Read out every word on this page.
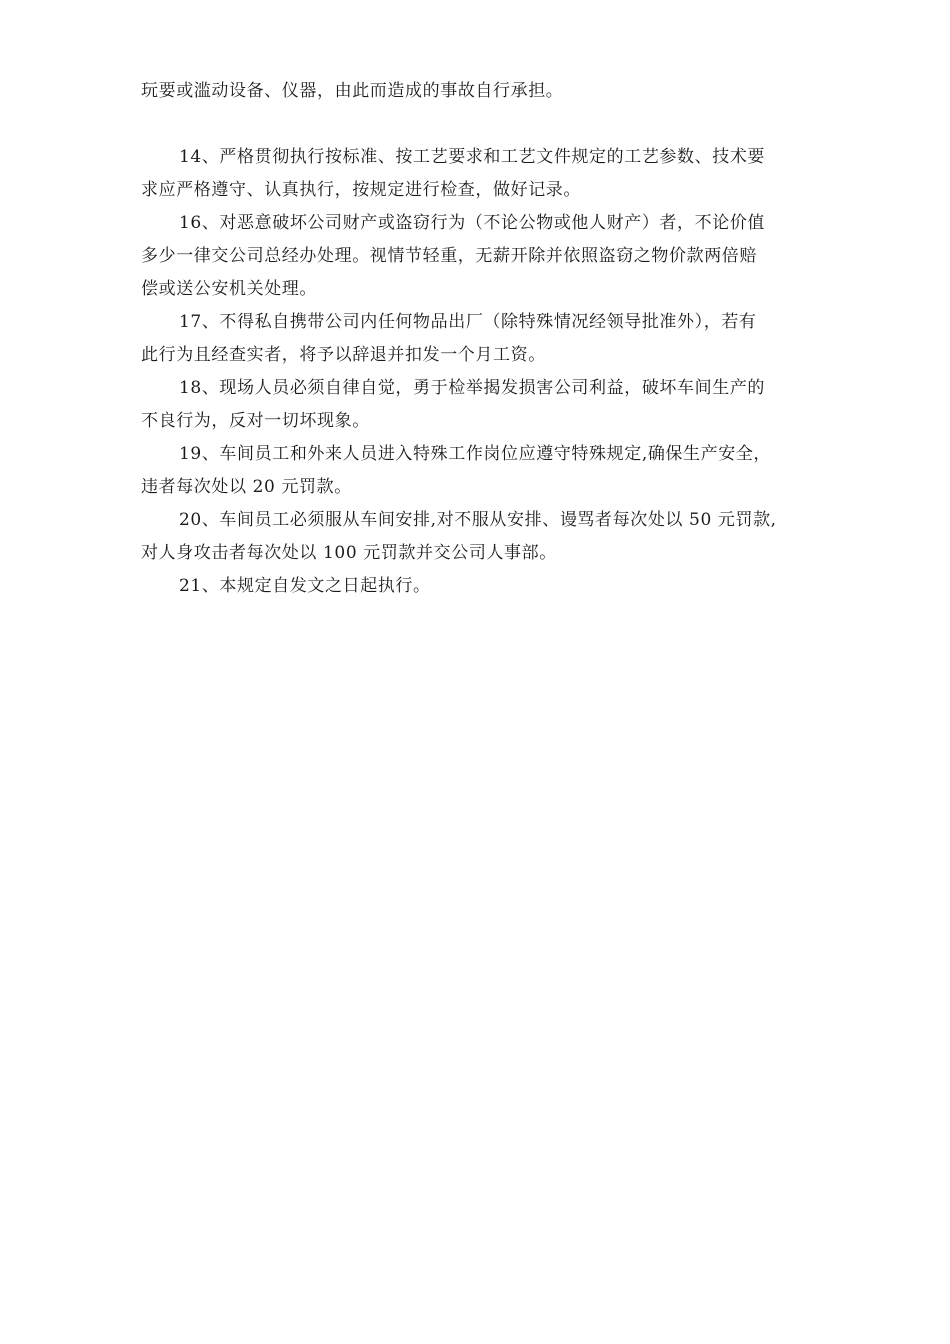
玩要或滥动设备、仪器，由此而造成的事故自行承担。

14、严格贯彻执行按标准、按工艺要求和工艺文件规定的工艺参数、技术要
求应严格遵守、认真执行，按规定进行检查，做好记录。

16、对恶意破坏公司财产或盗窃行为（不论公物或他人财产）者，不论价值
多少一律交公司总经办处理。视情节轻重，无薪开除并依照盗窃之物价款两倍赔
偿或送公安机关处理。

17、不得私自携带公司内任何物品出厂（除特殊情况经领导批准外），若有
此行为且经查实者，将予以辞退并扣发一个月工资。

18、现场人员必须自律自觉，勇于检举揭发损害公司利益，破坏车间生产的
不良行为，反对一切坏现象。

19、车间员工和外来人员进入特殊工作岗位应遵守特殊规定,确保生产安全，
违者每次处以 20 元罚款。

20、车间员工必须服从车间安排,对不服从安排、谩骂者每次处以 50 元罚款,
对人身攻击者每次处以 100 元罚款并交公司人事部。

21、本规定自发文之日起执行。
